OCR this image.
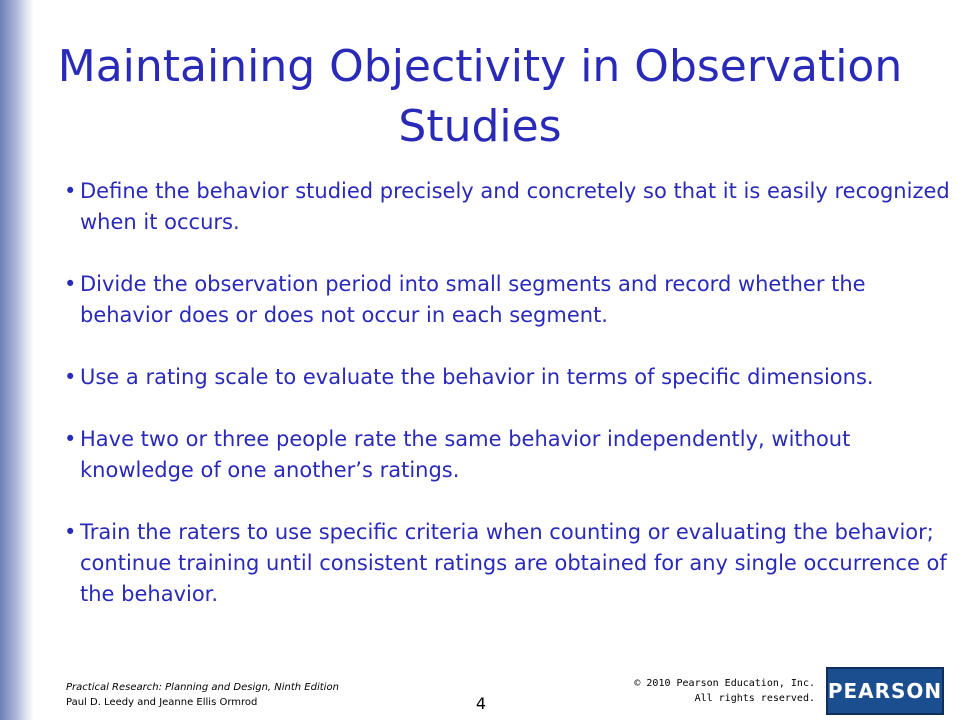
Maintaining Objectivity in Observation Studies
• Define the behavior studied precisely and concretely so that it is easily recognized when it occurs.
• Divide the observation period into small segments and record whether the behavior does or does not occur in each segment.
• Use a rating scale to evaluate the behavior in terms of specific dimensions.
• Have two or three people rate the same behavior independently, without knowledge of one another’s ratings.
• Train the raters to use specific criteria when counting or evaluating the behavior; continue training until consistent ratings are obtained for any single occurrence of the behavior.
Practical Research: Planning and Design, Ninth Edition
Paul D. Leedy and Jeanne Ellis Ormrod	4
© 2010 Pearson Education, Inc.
All rights reserved. PEARSON
